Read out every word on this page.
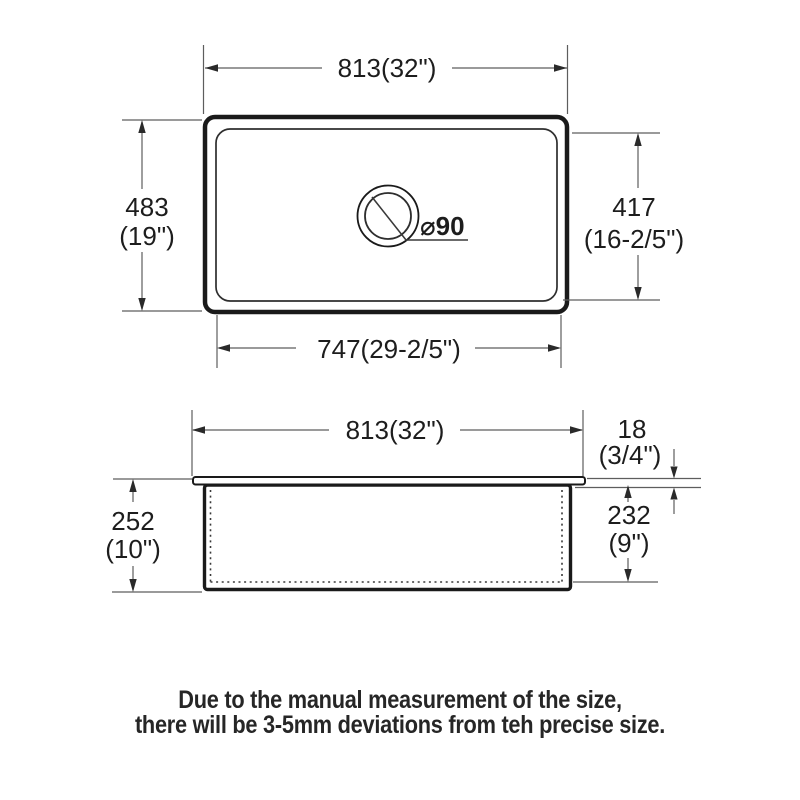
⌀90
813(32")
483
(19")
417
(16-2/5")
747(29-2/5")
813(32")	18
(3/4")
252
(10")
232
(9")
Due to the manual measurement of the size,
there will be 3-5mm deviations from teh precise size.
